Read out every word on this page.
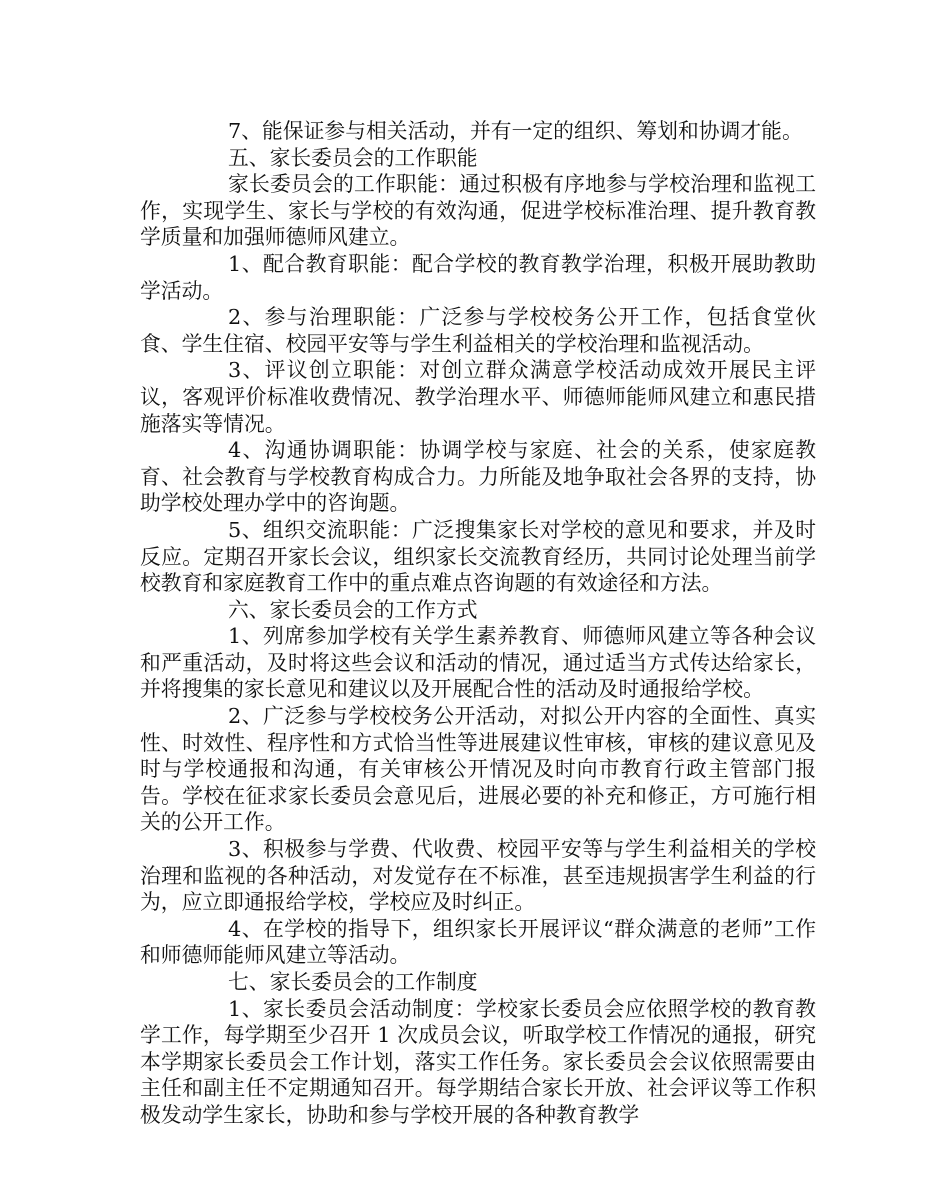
7、能保证参与相关活动，并有一定的组织、筹划和协调才能。

五、家长委员会的工作职能

家长委员会的工作职能：通过积极有序地参与学校治理和监视工作，实现学生、家长与学校的有效沟通，促进学校标准治理、提升教育教学质量和加强师德师风建立。

1、配合教育职能：配合学校的教育教学治理，积极开展助教助学活动。

2、参与治理职能：广泛参与学校校务公开工作，包括食堂伙食、学生住宿、校园平安等与学生利益相关的学校治理和监视活动。

3、评议创立职能：对创立群众满意学校活动成效开展民主评议，客观评价标准收费情况、教学治理水平、师德师能师风建立和惠民措施落实等情况。

4、沟通协调职能：协调学校与家庭、社会的关系，使家庭教育、社会教育与学校教育构成合力。力所能及地争取社会各界的支持，协助学校处理办学中的咨询题。

5、组织交流职能：广泛搜集家长对学校的意见和要求，并及时反应。定期召开家长会议，组织家长交流教育经历，共同讨论处理当前学校教育和家庭教育工作中的重点难点咨询题的有效途径和方法。

六、家长委员会的工作方式

1、列席参加学校有关学生素养教育、师德师风建立等各种会议和严重活动，及时将这些会议和活动的情况，通过适当方式传达给家长，并将搜集的家长意见和建议以及开展配合性的活动及时通报给学校。

2、广泛参与学校校务公开活动，对拟公开内容的全面性、真实性、时效性、程序性和方式恰当性等进展建议性审核，审核的建议意见及时与学校通报和沟通，有关审核公开情况及时向市教育行政主管部门报告。学校在征求家长委员会意见后，进展必要的补充和修正，方可施行相关的公开工作。

3、积极参与学费、代收费、校园平安等与学生利益相关的学校治理和监视的各种活动，对发觉存在不标准，甚至违规损害学生利益的行为，应立即通报给学校，学校应及时纠正。

4、在学校的指导下，组织家长开展评议“群众满意的老师”工作和师德师能师风建立等活动。

七、家长委员会的工作制度

1、家长委员会活动制度：学校家长委员会应依照学校的教育教学工作，每学期至少召开 1 次成员会议，听取学校工作情况的通报，研究本学期家长委员会工作计划，落实工作任务。家长委员会会议依照需要由主任和副主任不定期通知召开。每学期结合家长开放、社会评议等工作积极发动学生家长，协助和参与学校开展的各种教育教学
